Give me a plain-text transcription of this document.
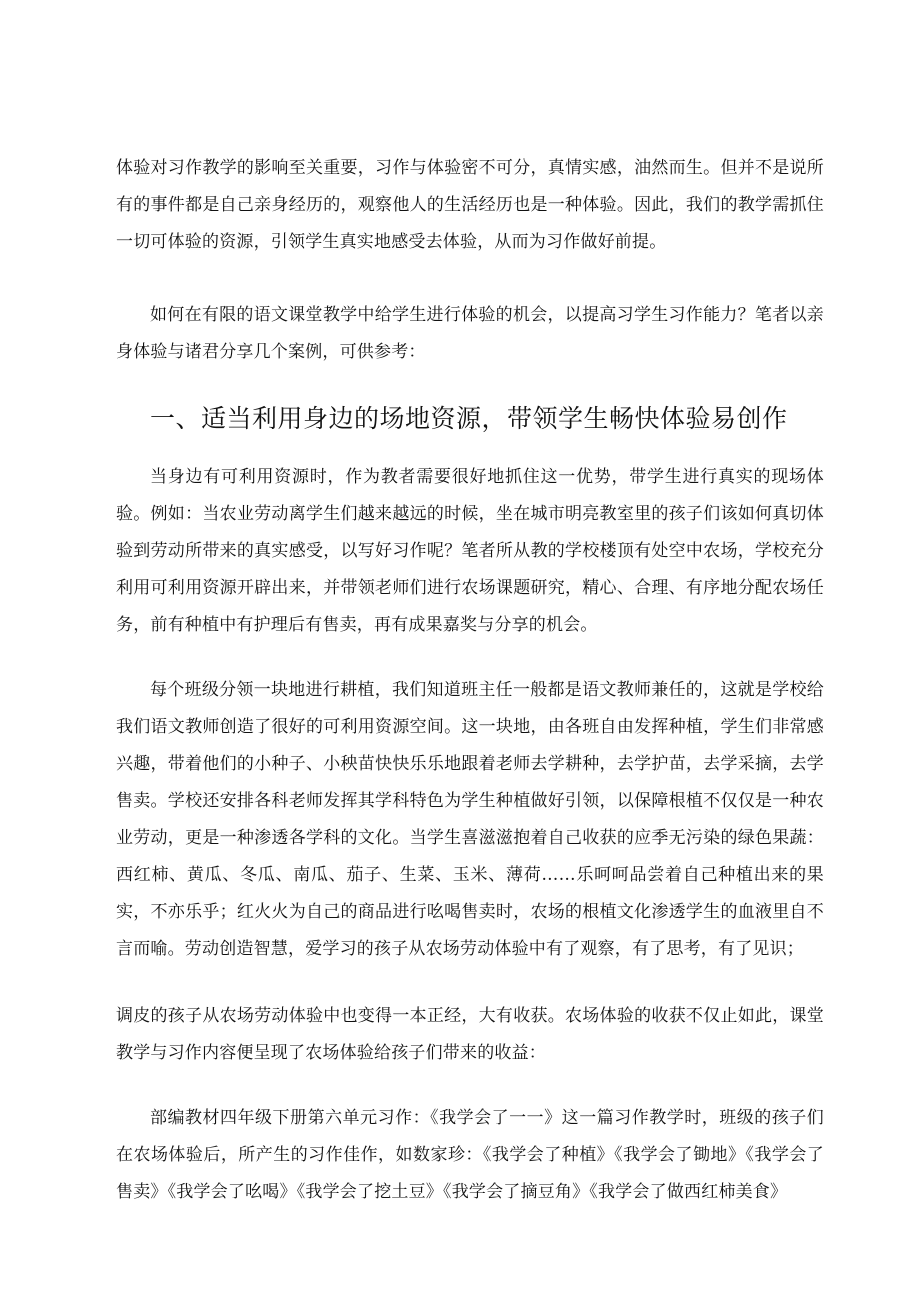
体验对习作教学的影响至关重要，习作与体验密不可分，真情实感，油然而生。但并不是说所有的事件都是自己亲身经历的，观察他人的生活经历也是一种体验。因此，我们的教学需抓住一切可体验的资源，引领学生真实地感受去体验，从而为习作做好前提。

如何在有限的语文课堂教学中给学生进行体验的机会，以提高习学生习作能力？笔者以亲身体验与诸君分享几个案例，可供参考：

一、适当利用身边的场地资源，带领学生畅快体验易创作

当身边有可利用资源时，作为教者需要很好地抓住这一优势，带学生进行真实的现场体验。例如：当农业劳动离学生们越来越远的时候，坐在城市明亮教室里的孩子们该如何真切体验到劳动所带来的真实感受，以写好习作呢？笔者所从教的学校楼顶有处空中农场，学校充分利用可利用资源开辟出来，并带领老师们进行农场课题研究，精心、合理、有序地分配农场任务，前有种植中有护理后有售卖，再有成果嘉奖与分享的机会。

每个班级分领一块地进行耕植，我们知道班主任一般都是语文教师兼任的，这就是学校给我们语文教师创造了很好的可利用资源空间。这一块地，由各班自由发挥种植，学生们非常感兴趣，带着他们的小种子、小秧苗快快乐乐地跟着老师去学耕种，去学护苗，去学采摘，去学售卖。学校还安排各科老师发挥其学科特色为学生种植做好引领，以保障根植不仅仅是一种农业劳动，更是一种渗透各学科的文化。当学生喜滋滋抱着自己收获的应季无污染的绿色果蔬：西红柿、黄瓜、冬瓜、南瓜、茄子、生菜、玉米、薄荷……乐呵呵品尝着自己种植出来的果实，不亦乐乎；红火火为自己的商品进行吆喝售卖时，农场的根植文化渗透学生的血液里自不言而喻。劳动创造智慧，爱学习的孩子从农场劳动体验中有了观察，有了思考，有了见识；

调皮的孩子从农场劳动体验中也变得一本正经，大有收获。农场体验的收获不仅止如此，课堂教学与习作内容便呈现了农场体验给孩子们带来的收益：

部编教材四年级下册第六单元习作：《我学会了一一》这一篇习作教学时，班级的孩子们在农场体验后，所产生的习作佳作，如数家珍：《我学会了种植》《我学会了锄地》《我学会了售卖》《我学会了吆喝》《我学会了挖土豆》《我学会了摘豆角》《我学会了做西红柿美食》
